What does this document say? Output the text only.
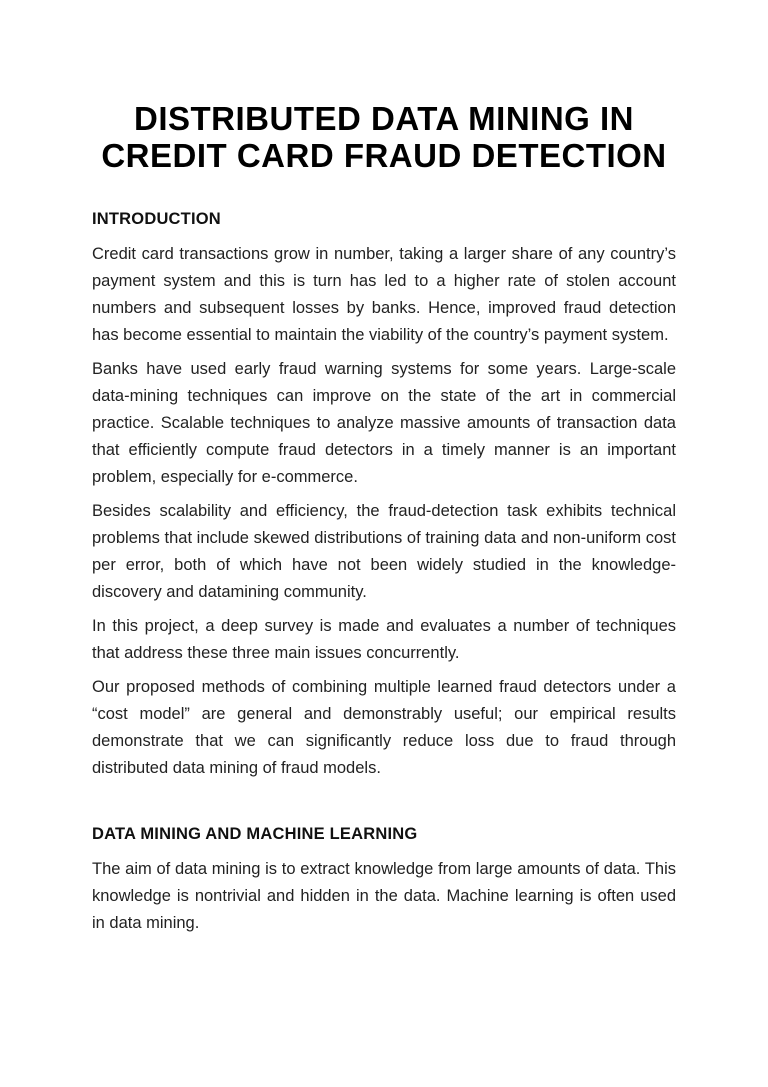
DISTRIBUTED DATA MINING IN
CREDIT CARD FRAUD DETECTION
INTRODUCTION

Credit card transactions grow in number, taking a larger share of any country’s payment system and this is turn has led to a higher rate of stolen account numbers and subsequent losses by banks. Hence, improved fraud detection has become essential to maintain the viability of the country’s payment system.

Banks have used early fraud warning systems for some years. Large-scale data-mining techniques can improve on the state of the art in commercial practice. Scalable techniques to analyze massive amounts of transaction data that efficiently compute fraud detectors in a timely manner is an important problem, especially for e-commerce.

Besides scalability and efficiency, the fraud-detection task exhibits technical problems that include skewed distributions of training data and non-uniform cost per error, both of which have not been widely studied in the knowledge-discovery and datamining community.

In this project, a deep survey is made and evaluates a number of techniques that address these three main issues concurrently.

Our proposed methods of combining multiple learned fraud detectors under a “cost model” are general and demonstrably useful; our empirical results demonstrate that we can significantly reduce loss due to fraud through distributed data mining of fraud models.

DATA MINING AND MACHINE LEARNING

The aim of data mining is to extract knowledge from large amounts of data. This knowledge is nontrivial and hidden in the data. Machine learning is often used in data mining.
